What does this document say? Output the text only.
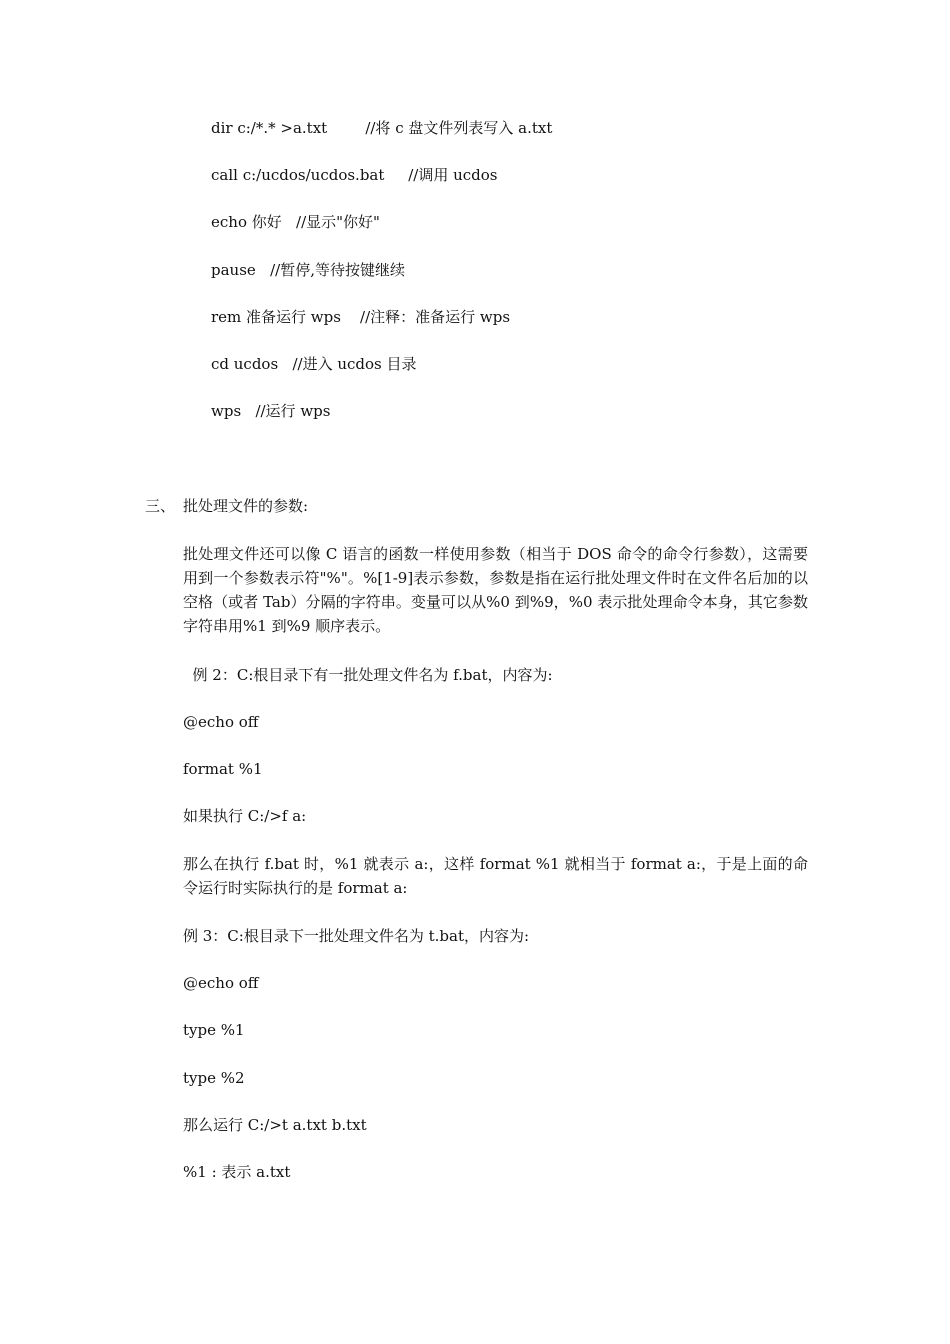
dir c:/*.* >a.txt        //将 c 盘文件列表写入 a.txt
call c:/ucdos/ucdos.bat     //调用 ucdos
echo 你好   //显示"你好"
pause   //暂停,等待按键继续
rem 准备运行 wps    //注释：准备运行 wps
cd ucdos   //进入 ucdos 目录
wps   //运行 wps
三、 批处理文件的参数:
批处理文件还可以像 C 语言的函数一样使用参数（相当于 DOS 命令的命令行参数），这需要用到一个参数表示符"%"。%[1-9]表示参数，参数是指在运行批处理文件时在文件名后加的以空格（或者 Tab）分隔的字符串。变量可以从%0 到%9，%0 表示批处理命令本身，其它参数字符串用%1 到%9 顺序表示。
例 2：C:根目录下有一批处理文件名为 f.bat，内容为:
@echo off
format %1
如果执行 C:/>f a:
那么在执行 f.bat 时，%1 就表示 a:，这样 format %1 就相当于 format a:，于是上面的命令运行时实际执行的是 format a:
例 3：C:根目录下一批处理文件名为 t.bat，内容为:
@echo off
type %1
type %2
那么运行 C:/>t a.txt b.txt
%1 : 表示 a.txt
